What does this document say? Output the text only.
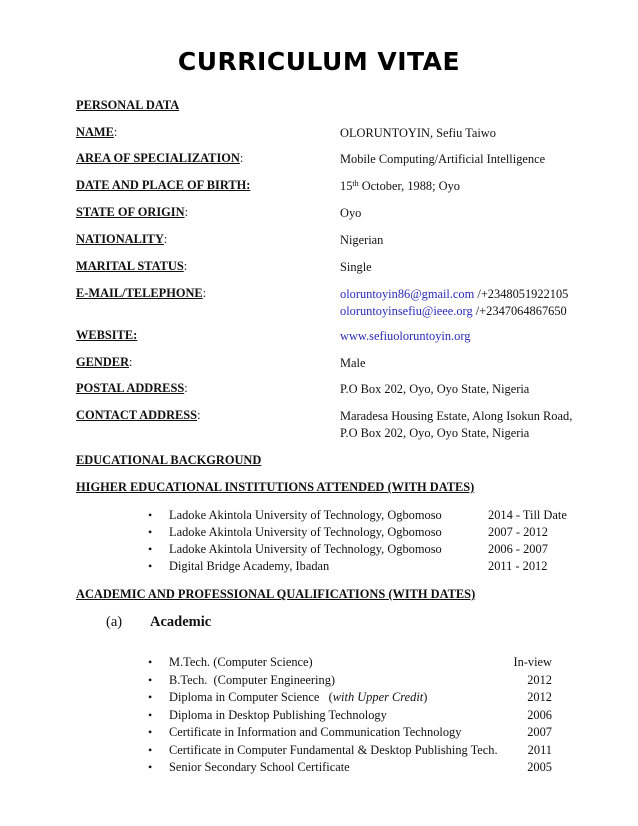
CURRICULUM VITAE
PERSONAL DATA
NAME:	OLORUNTOYIN, Sefiu Taiwo
AREA OF SPECIALIZATION:	Mobile Computing/Artificial Intelligence
DATE AND PLACE OF BIRTH:	15th October, 1988; Oyo
STATE OF ORIGIN:	Oyo
NATIONALITY:	Nigerian
MARITAL STATUS:	Single
E-MAIL/TELEPHONE:	oloruntoyin86@gmail.com /+2348051922105
oloruntoyinsefiu@ieee.org /+2347064867650
WEBSITE:	www.sefiuoloruntoyin.org
GENDER:	Male
POSTAL ADDRESS:	P.O Box 202, Oyo, Oyo State, Nigeria
CONTACT ADDRESS:	Maradesa Housing Estate, Along Isokun Road,
P.O Box 202, Oyo, Oyo State, Nigeria
EDUCATIONAL BACKGROUND
HIGHER EDUCATIONAL INSTITUTIONS ATTENDED (WITH DATES)
• Ladoke Akintola University of Technology, Ogbomoso	2014 - Till Date
• Ladoke Akintola University of Technology, Ogbomoso	2007 - 2012
• Ladoke Akintola University of Technology, Ogbomoso	2006 - 2007
• Digital Bridge Academy, Ibadan	2011 - 2012
ACADEMIC AND PROFESSIONAL QUALIFICATIONS (WITH DATES)
(a) Academic
• M.Tech. (Computer Science)	In-view
• B.Tech.  (Computer Engineering)	2012
• Diploma in Computer Science   (with Upper Credit)	2012
• Diploma in Desktop Publishing Technology	2006
• Certificate in Information and Communication Technology	2007
• Certificate in Computer Fundamental & Desktop Publishing Tech. 2011
• Senior Secondary School Certificate	2005
